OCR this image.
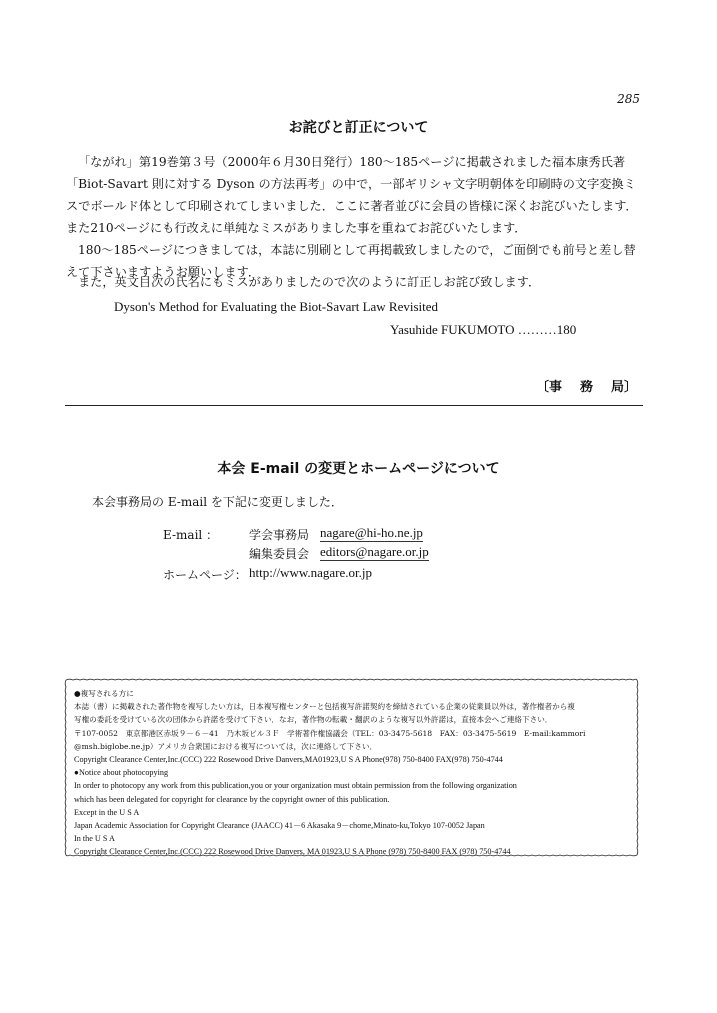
285
お詫びと訂正について
「ながれ」第19巻第３号（2000年６月30日発行）180～185ページに掲載されました福本康秀氏著
「Biot-Savart 則に対する Dyson の方法再考」の中で，一部ギリシャ文字明朝体を印刷時の文字変換ミ
スでボールド体として印刷されてしまいました．ここに著者並びに会員の皆様に深くお詫びいたします．
また210ページにも行改えに単純なミスがありました事を重ねてお詫びいたします．
180～185ページにつきましては，本誌に別刷として再掲載致しましたので，ご面倒でも前号と差し替
えて下さいますようお願いします．
また，英文目次の氏名にもミスがありましたので次のように訂正しお詫び致します．
Dyson's Method for Evaluating the Biot-Savart Law Revisited
Yasuhide FUKUMOTO ………180
〔事 務 局〕
本会 E-mail の変更とホームページについて
本会事務局の E-mail を下記に変更しました．
E-mail ：	学会事務局 nagare@hi-ho.ne.jp
編集委員会 editors@nagare.or.jp
ホームページ： http://www.nagare.or.jp
●複写される方に
本誌（書）に掲載された著作物を複写したい方は，日本複写権センターと包括複写許諾契約を締結されている企業の従業員以外は，著作権者から複
写権の委託を受けている次の団体から許諾を受けて下さい．なお，著作物の転載・翻訳のような複写以外許諾は，直接本会へご連絡下さい．
〒107-0052　東京都港区赤坂９－６－41　乃木坂ビル３Ｆ　学術著作権協議会（TEL：03-3475-5618　FAX：03-3475-5619　E-mail:kammori
@msh.biglobe.ne.jp）アメリカ合衆国における複写については，次に連絡して下さい．
Copyright Clearance Center,Inc.(CCC) 222 Rosewood Drive Danvers,MA01923,U S A Phone(978) 750-8400 FAX(978) 750-4744
●Notice about photocopying
In order to photocopy any work from this publication,you or your organization must obtain permission from the following organization
which has been delegated for copyright for clearance by the copyright owner of this publication.
Except in the U S A
Japan Academic Association for Copyright Clearance (JAACC) 41－6 Akasaka 9－chome,Minato-ku,Tokyo 107-0052 Japan
In the U S A
Copyright Clearance Center,Inc.(CCC) 222 Rosewood Drive Danvers, MA 01923,U S A Phone (978) 750-8400 FAX (978) 750-4744
